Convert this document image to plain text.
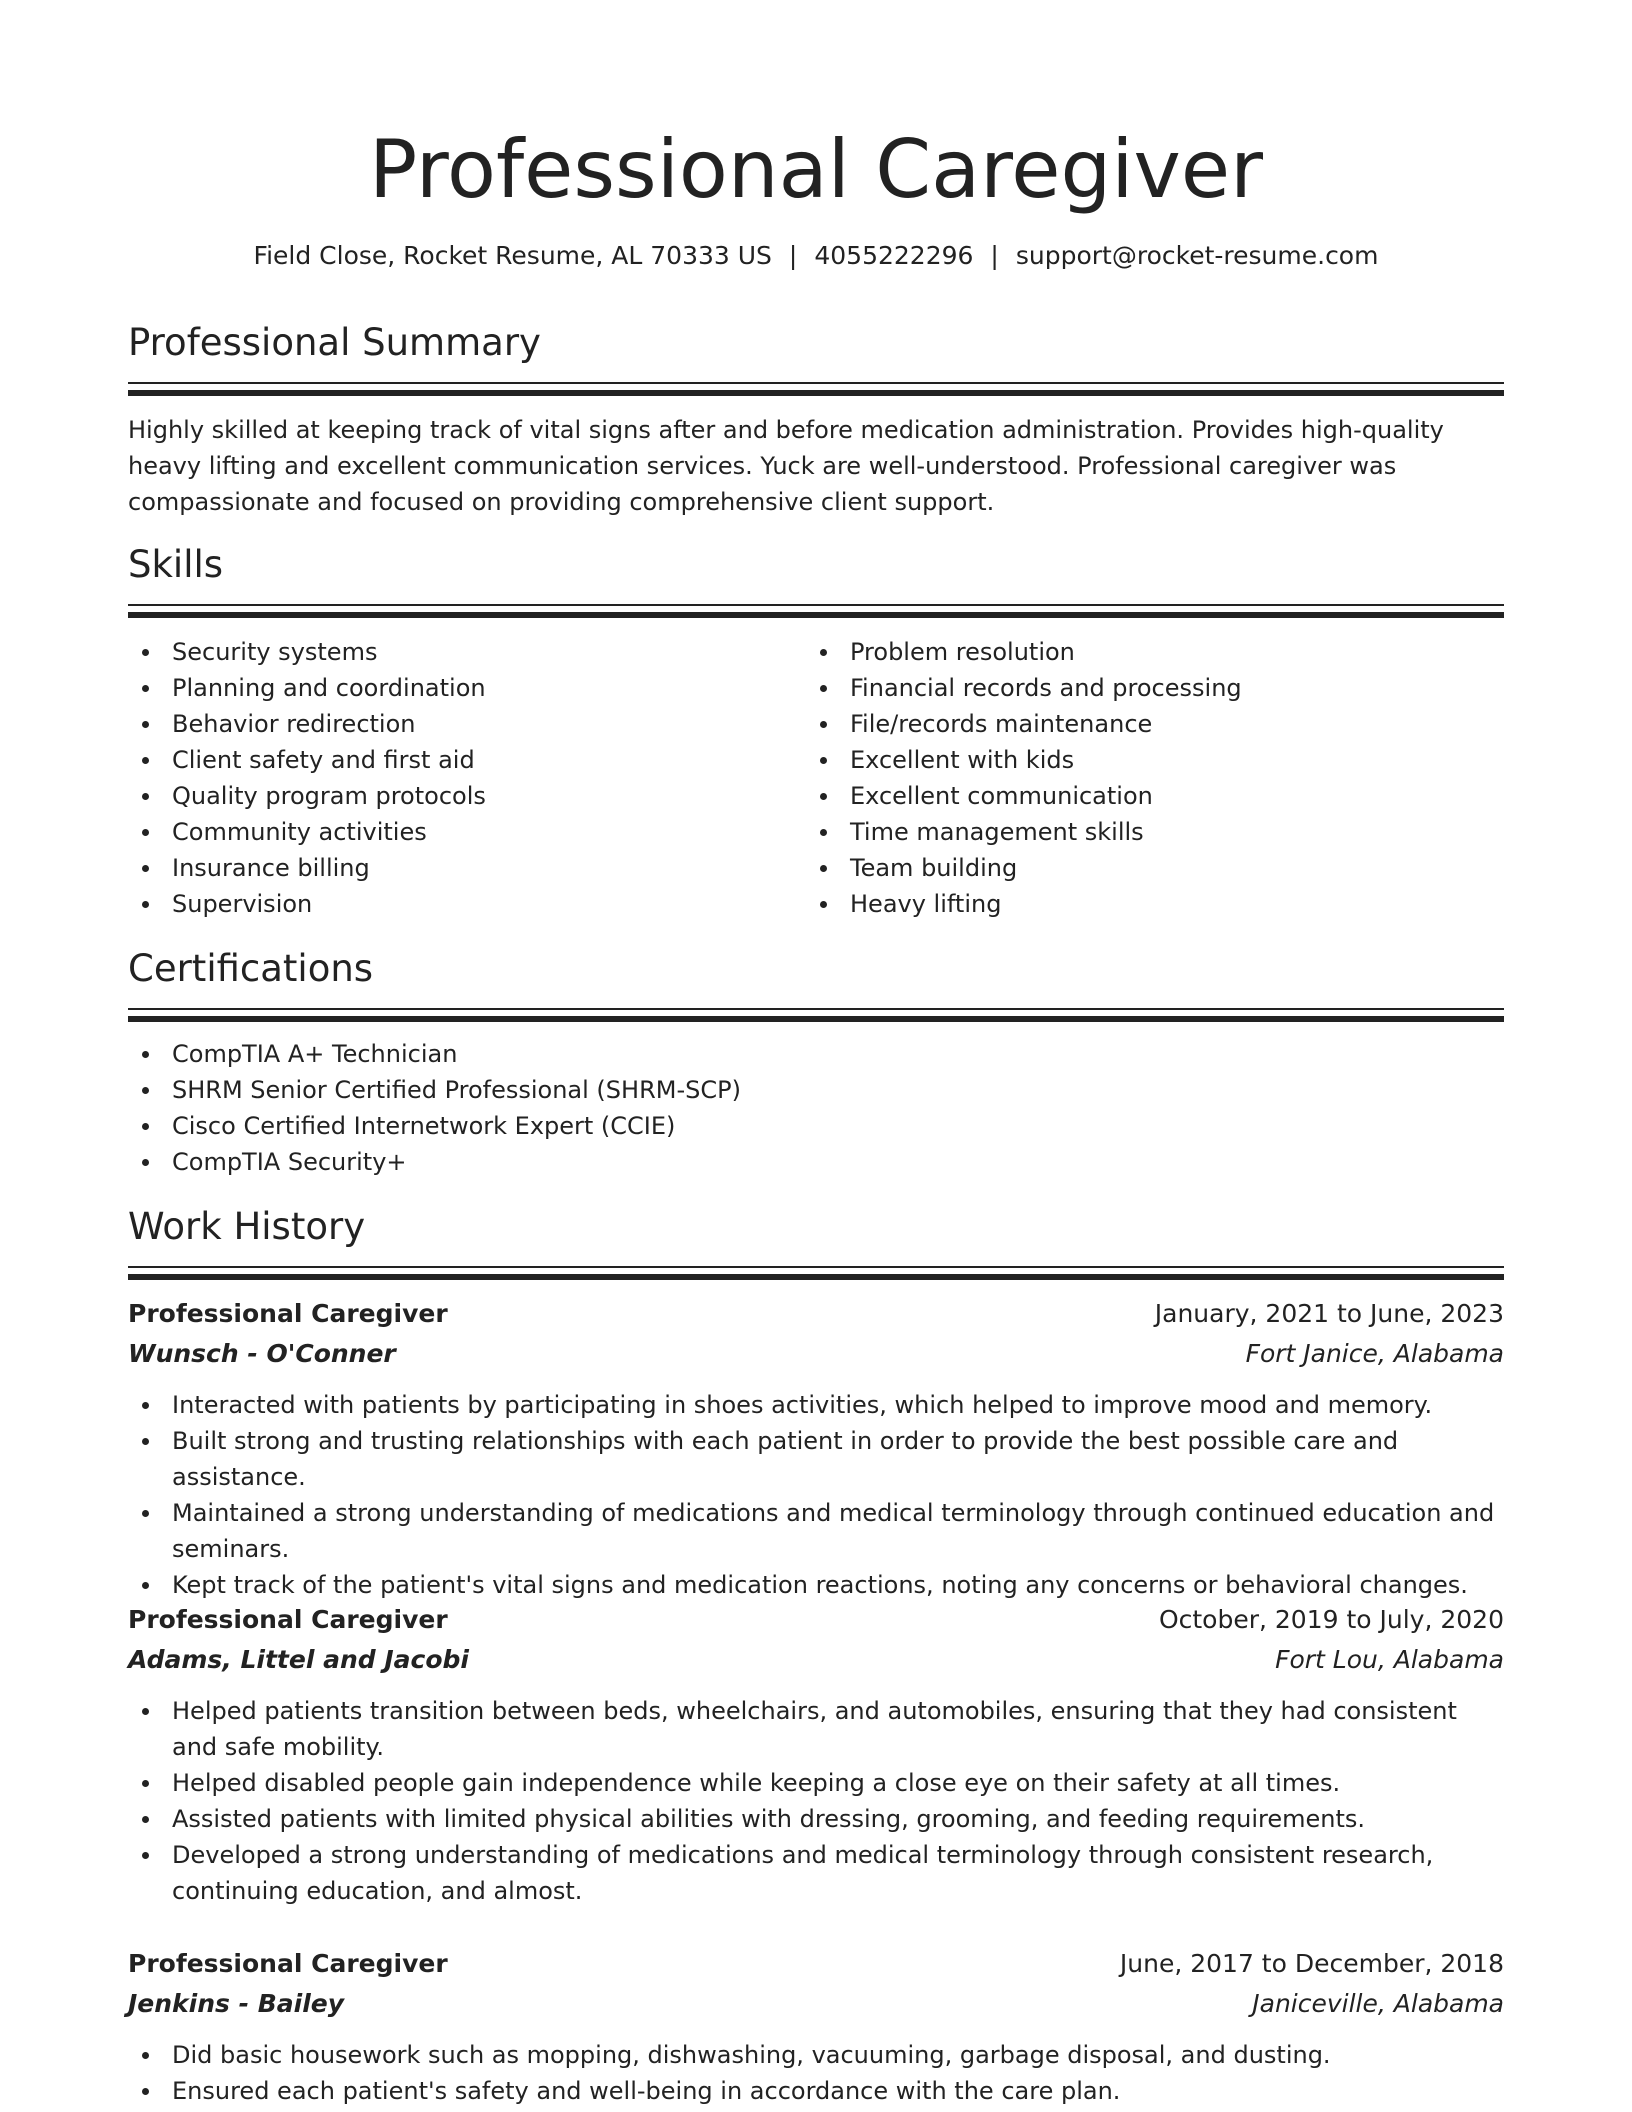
Professional Caregiver
Field Close, Rocket Resume, AL 70333 US | 4055222296 | support@rocket-resume.com
Professional Summary

Highly skilled at keeping track of vital signs after and before medication administration. Provides high-quality heavy lifting and excellent communication services. Yuck are well-understood. Professional caregiver was compassionate and focused on providing comprehensive client support.

Skills
Security systems
Planning and coordination
Behavior redirection
Client safety and first aid
Quality program protocols
Community activities
Insurance billing
Supervision
Problem resolution
Financial records and processing
File/records maintenance
Excellent with kids
Excellent communication
Time management skills
Team building
Heavy lifting
Certifications
CompTIA A+ Technician
SHRM Senior Certified Professional (SHRM-SCP)
Cisco Certified Internetwork Expert (CCIE)
CompTIA Security+
Work History
Professional Caregiver	January, 2021 to June, 2023
Wunsch - O'Conner	Fort Janice, Alabama
Interacted with patients by participating in shoes activities, which helped to improve mood and memory.
Built strong and trusting relationships with each patient in order to provide the best possible care and assistance.
Maintained a strong understanding of medications and medical terminology through continued education and seminars.
Kept track of the patient's vital signs and medication reactions, noting any concerns or behavioral changes.
Professional Caregiver	October, 2019 to July, 2020
Adams, Littel and Jacobi	Fort Lou, Alabama
Helped patients transition between beds, wheelchairs, and automobiles, ensuring that they had consistent and safe mobility.
Helped disabled people gain independence while keeping a close eye on their safety at all times.
Assisted patients with limited physical abilities with dressing, grooming, and feeding requirements.
Developed a strong understanding of medications and medical terminology through consistent research, continuing education, and almost.
Professional Caregiver	June, 2017 to December, 2018
Jenkins - Bailey	Janiceville, Alabama
Did basic housework such as mopping, dishwashing, vacuuming, garbage disposal, and dusting.
Ensured each patient's safety and well-being in accordance with the care plan.
